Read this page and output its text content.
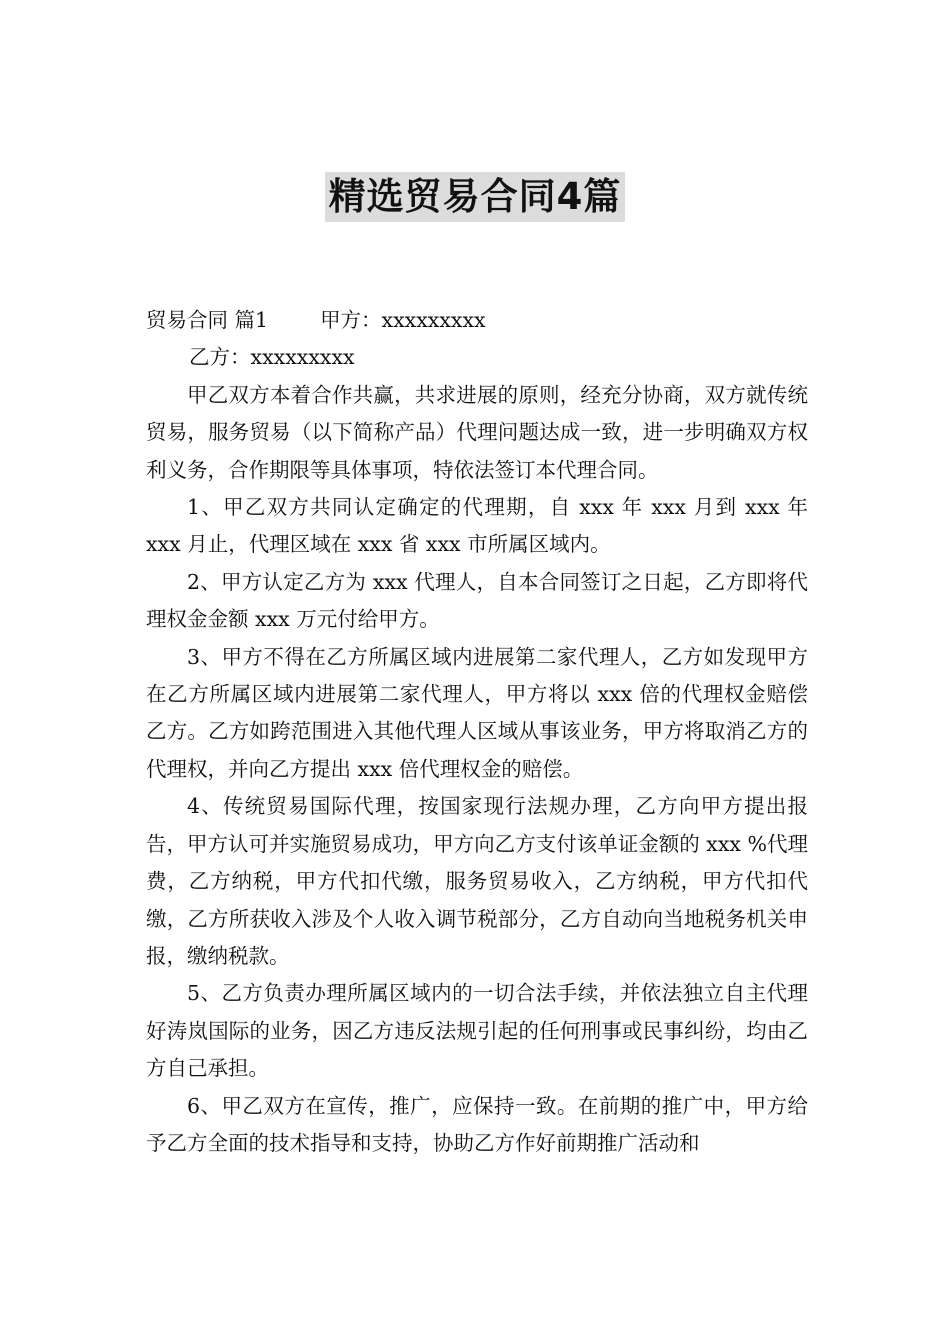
精选贸易合同4篇
贸易合同 篇1	甲方：xxxxxxxxx
乙方：xxxxxxxxx

甲乙双方本着合作共赢，共求进展的原则，经充分协商，双方就传统贸易，服务贸易（以下简称产品）代理问题达成一致，进一步明确双方权利义务，合作期限等具体事项，特依法签订本代理合同。

1、甲乙双方共同认定确定的代理期，自 xxx 年 xxx 月到 xxx 年 xxx 月止，代理区域在 xxx 省 xxx 市所属区域内。

2、甲方认定乙方为 xxx 代理人，自本合同签订之日起，乙方即将代理权金金额 xxx 万元付给甲方。

3、甲方不得在乙方所属区域内进展第二家代理人，乙方如发现甲方在乙方所属区域内进展第二家代理人，甲方将以 xxx 倍的代理权金赔偿乙方。乙方如跨范围进入其他代理人区域从事该业务，甲方将取消乙方的代理权，并向乙方提出 xxx 倍代理权金的赔偿。

4、传统贸易国际代理，按国家现行法规办理，乙方向甲方提出报告，甲方认可并实施贸易成功，甲方向乙方支付该单证金额的 xxx %代理费，乙方纳税，甲方代扣代缴，服务贸易收入，乙方纳税，甲方代扣代缴，乙方所获收入涉及个人收入调节税部分，乙方自动向当地税务机关申报，缴纳税款。

5、乙方负责办理所属区域内的一切合法手续，并依法独立自主代理好涛岚国际的业务，因乙方违反法规引起的任何刑事或民事纠纷，均由乙方自己承担。

6、甲乙双方在宣传，推广，应保持一致。在前期的推广中，甲方给予乙方全面的技术指导和支持，协助乙方作好前期推广活动和
